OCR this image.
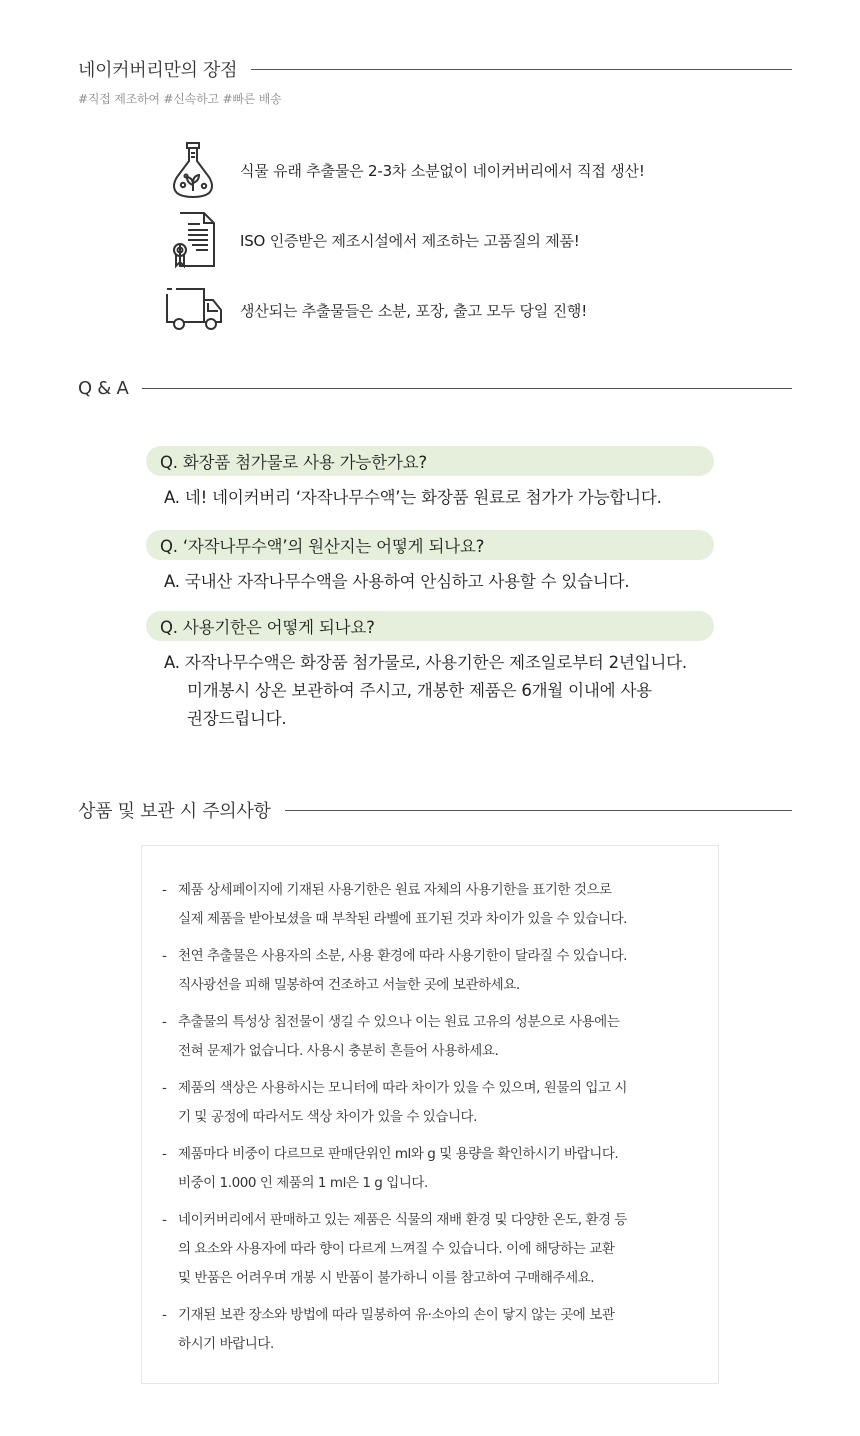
네이커버리만의 장점
#직접 제조하여 #신속하고 #빠른 배송
식물 유래 추출물은 2-3차 소분없이 네이커버리에서 직접 생산!
ISO 인증받은 제조시설에서 제조하는 고품질의 제품!
생산되는 추출물들은 소분, 포장, 출고 모두 당일 진행!
Q & A
Q. 화장품 첨가물로 사용 가능한가요?
A. 네! 네이커버리 ‘자작나무수액’는 화장품 원료로 첨가가 가능합니다.
Q. ‘자작나무수액’의 원산지는 어떻게 되나요?
A. 국내산 자작나무수액을 사용하여 안심하고 사용할 수 있습니다.
Q. 사용기한은 어떻게 되나요?
A. 자작나무수액은 화장품 첨가물로, 사용기한은 제조일로부터 2년입니다.
미개봉시 상온 보관하여 주시고, 개봉한 제품은 6개월 이내에 사용
권장드립니다.
상품 및 보관 시 주의사항
- 제품 상세페이지에 기재된 사용기한은 원료 자체의 사용기한을 표기한 것으로
실제 제품을 받아보셨을 때 부착된 라벨에 표기된 것과 차이가 있을 수 있습니다.
- 천연 추출물은 사용자의 소분, 사용 환경에 따라 사용기한이 달라질 수 있습니다.
직사광선을 피해 밀봉하여 건조하고 서늘한 곳에 보관하세요.
- 추출물의 특성상 침전물이 생길 수 있으나 이는 원료 고유의 성분으로 사용에는
전혀 문제가 없습니다. 사용시 충분히 흔들어 사용하세요.
- 제품의 색상은 사용하시는 모니터에 따라 차이가 있을 수 있으며, 원물의 입고 시
기 및 공정에 따라서도 색상 차이가 있을 수 있습니다.
- 제품마다 비중이 다르므로 판매단위인 ml와 g 및 용량을 확인하시기 바랍니다.
비중이 1.000 인 제품의 1 ml은 1 g 입니다.
- 네이커버리에서 판매하고 있는 제품은 식물의 재배 환경 및 다양한 온도, 환경 등
의 요소와 사용자에 따라 향이 다르게 느껴질 수 있습니다. 이에 해당하는 교환
및 반품은 어려우며 개봉 시 반품이 불가하니 이를 참고하여 구매해주세요.
- 기재된 보관 장소와 방법에 따라 밀봉하여 유·소아의 손이 닿지 않는 곳에 보관
하시기 바랍니다.
